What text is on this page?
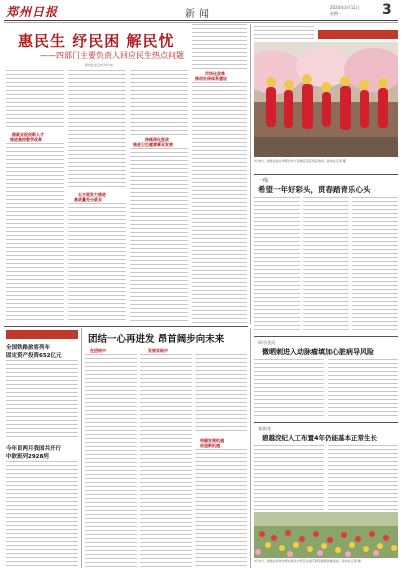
郑州日报	新闻
2024年3月11日
星期一	3
惠民生 纾民困 解民忧
——四部门主要负责人回应民生热点问题
新华社北京3月9日电
稳就业促创新人才
推进高校教学改革
五方面发力推进
高质量充分就业
持续深化医改
推进卫生健康事业发展
市场化改革
推动社保体系建设
3月8日，游客在新乡市辉县市十里桃花景区赏花游玩。新华社记者 摄
一线
希望一年好彩头，贯春踏青乐心头
研讨/见问
微晒刺进入动脉瘤填加心脏病导风险
春游/花
碧越浣纪人工布置4年仍能基本正常生长
冰点
全国铁路旅客列车
固定资产投资652亿元
今年首两月我国共开行
中欧班列2928列
团结一心再进发 昂首阔步向未来
在团结中	发展实践中
明确发展机遇
创造新机遇
3月9日，游客在郑州市郑东新区中原花卉园艺研究园观赏郁金香。新华社记者 摄
